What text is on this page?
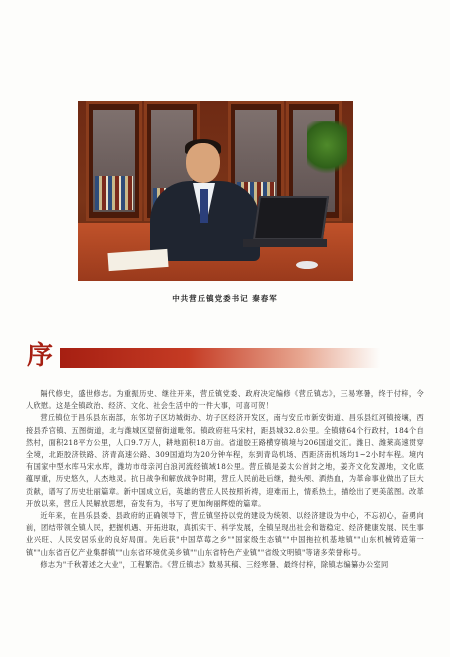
中共营丘镇党委书记 秦春军
序

隔代修史，盛世修志。为重振历史、继往开来，营丘镇党委、政府决定编修《营丘镇志》，三易寒暑，终于付梓，令人欣慰。这是全镇政治、经济、文化、社会生活中的一件大事，可喜可贺！

营丘镇位于昌乐县东南部，东邻坊子区坊城街办、坊子区经济开发区，南与安丘市新安街道、昌乐县红河镇接壤，西接县乔官镇、五图街道，北与潍城区望留街道毗邻。镇政府驻马宋村，距县城32.8公里。全镇辖64个行政村，184个自然村，面积218平方公里，人口9.7万人，耕地面积18万亩。省道胶王路横穿镇境与206国道交汇。潍日、潍莱高速贯穿全境，北距胶济铁路、济青高速公路、309国道均为20分钟车程，东到青岛机场、西距济南机场均1~2小时车程。境内有国家中型水库马宋水库，潍坊市母亲河白浪河流经镇域18公里。营丘镇是姜太公首封之地，姜齐文化发源地，文化底蕴厚重，历史悠久，人杰地灵。抗日战争和解放战争时期，营丘人民前赴后继，抛头颅、洒热血，为革命事业做出了巨大贡献，谱写了历史壮丽篇章。新中国成立后，英雄的营丘人民按照祈祷，迎难而上，情系热土，描绘出了更美蓝图。改革开放以来，营丘人民解放思想，奋发有为，书写了更加绚丽辉煌的篇章。

近年来，在昌乐县委、县政府的正确领导下，营丘镇坚持以党的建设为统领、以经济建设为中心，不忘初心，奋勇向前，团结带领全镇人民，把握机遇、开拓进取，真抓实干、科学发展，全镇呈现出社会和谐稳定、经济健康发展、民生事业兴旺、人民安居乐业的良好局面。先后获"中国草莓之乡""国家级生态镇""中国拖拉机基地镇""山东机械铸造第一镇""山东省百亿产业集群镇""山东省环境优美乡镇""山东省特色产业镇""省级文明镇"等诸多荣誉称号。

修志为"千秋著述之大业"，工程繁浩。《营丘镇志》数易其稿、三经寒暑、最终付梓，除镇志编纂办公室同
